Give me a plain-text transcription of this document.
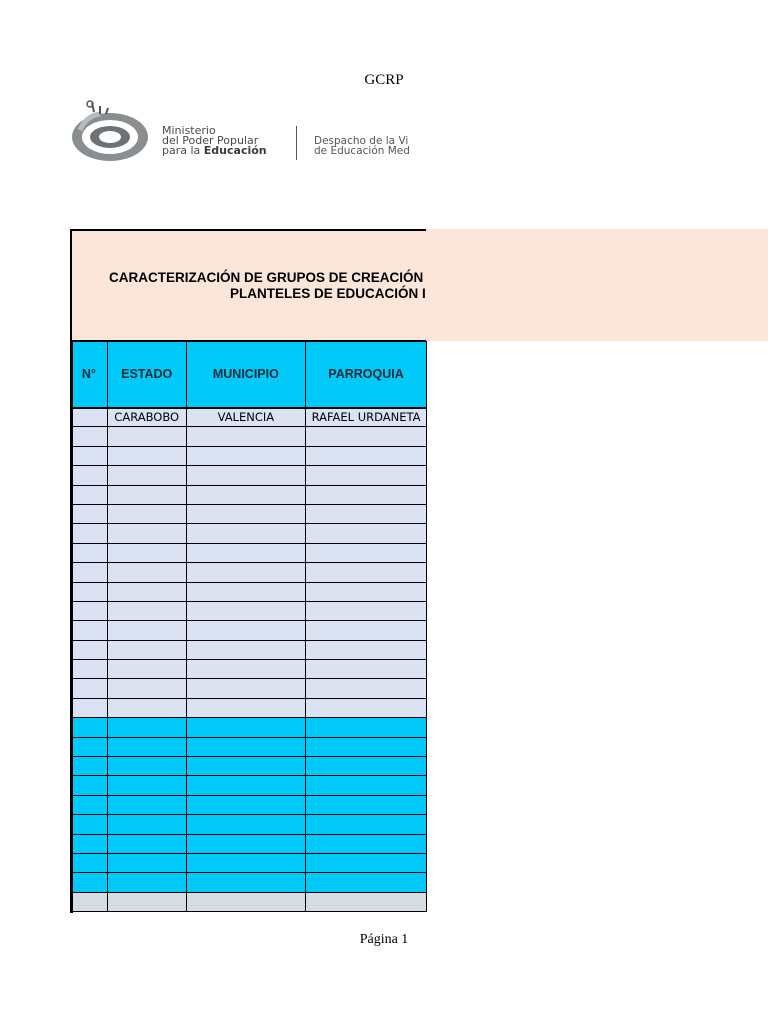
GCRP
Ministerio
del Poder Popular
para la Educación
Despacho de la Vi
de Educación Med
CARACTERIZACIÓN DE GRUPOS DE CREACIÓN
PLANTELES DE EDUCACIÓN I
N°	ESTADO	MUNICIPIO	PARROQUIA
	CARABOBO	VALENCIA	RAFAEL URDANETA

Página 1
